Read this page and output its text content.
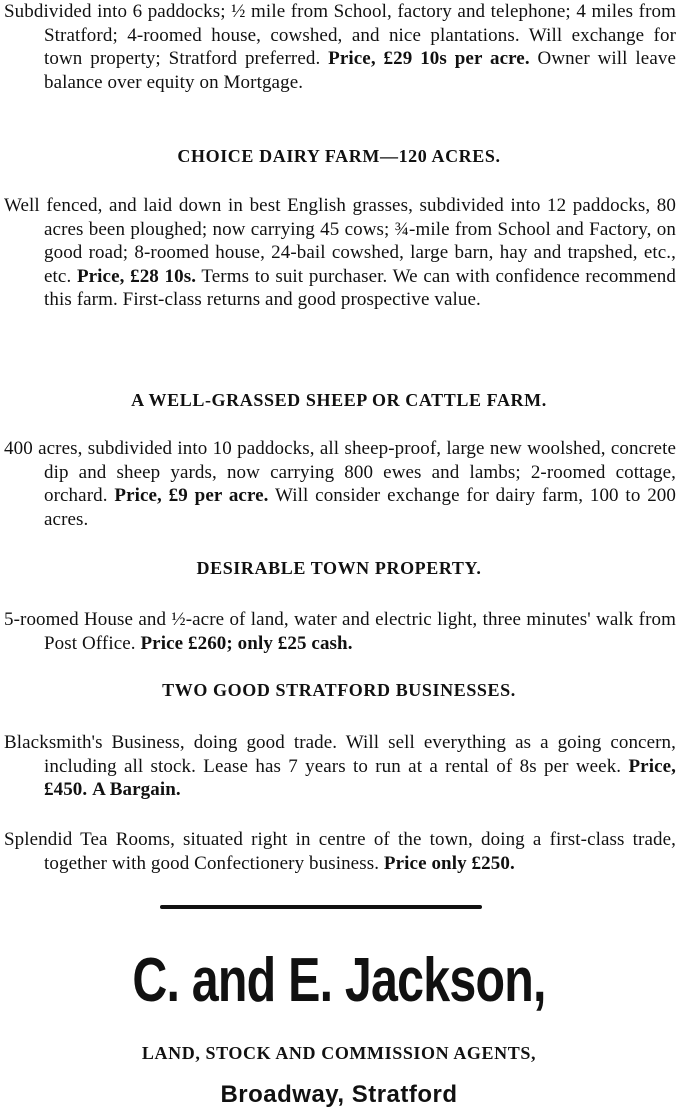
Subdivided into 6 paddocks; ½ mile from School, factory and telephone; 4 miles from Stratford; 4-roomed house, cowshed, and nice plantations. Will exchange for town property; Stratford preferred. Price, £29 10s per acre. Owner will leave balance over equity on Mortgage.

CHOICE DAIRY FARM—120 ACRES.

Well fenced, and laid down in best English grasses, subdivided into 12 paddocks, 80 acres been ploughed; now carrying 45 cows; ¾-mile from School and Factory, on good road; 8-roomed house, 24-bail cowshed, large barn, hay and trapshed, etc., etc. Price, £28 10s. Terms to suit purchaser. We can with confidence recommend this farm. First-class returns and good prospective value.

A WELL-GRASSED SHEEP OR CATTLE FARM.

400 acres, subdivided into 10 paddocks, all sheep-proof, large new woolshed, concrete dip and sheep yards, now carrying 800 ewes and lambs; 2-roomed cottage, orchard. Price, £9 per acre. Will consider exchange for dairy farm, 100 to 200 acres.

DESIRABLE TOWN PROPERTY.

5-roomed House and ½-acre of land, water and electric light, three minutes' walk from Post Office. Price £260; only £25 cash.

TWO GOOD STRATFORD BUSINESSES.

Blacksmith's Business, doing good trade. Will sell everything as a going concern, including all stock. Lease has 7 years to run at a rental of 8s per week. Price, £450. A Bargain.

Splendid Tea Rooms, situated right in centre of the town, doing a first-class trade, together with good Confectionery business. Price only £250.

C. and E. Jackson,
LAND, STOCK AND COMMISSION AGENTS,
Broadway, Stratford
